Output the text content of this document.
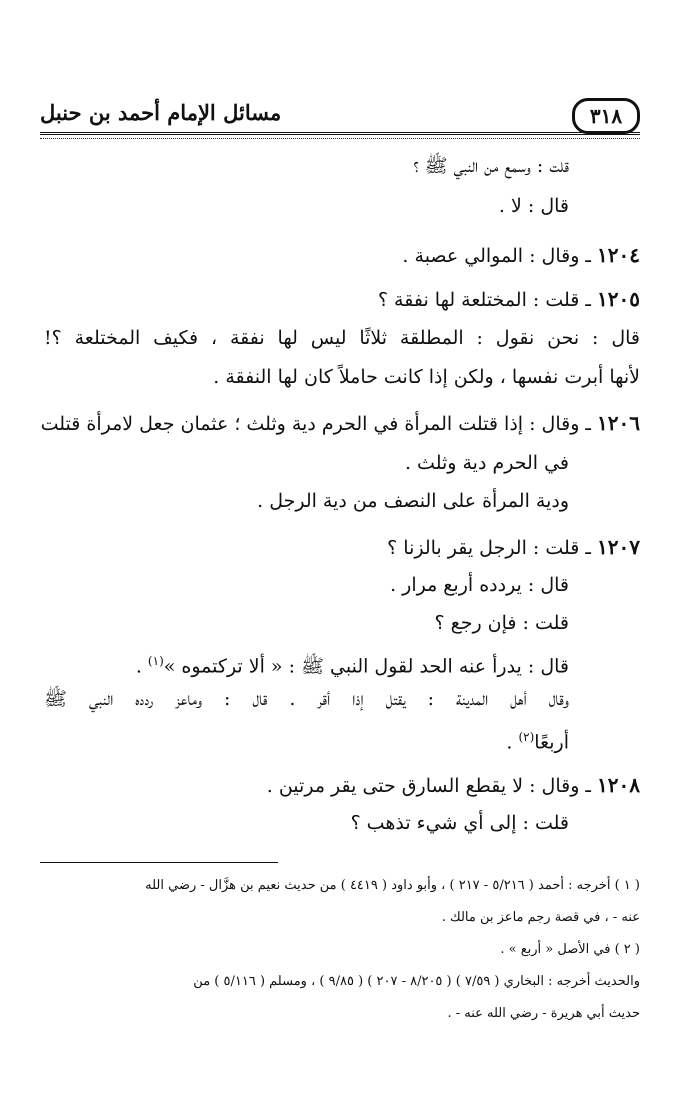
٣١٨
مسائل الإمام أحمد بن حنبل
قلت : وسمع من النبي ﷺ ؟
قال : لا .
١٢٠٤ ـ وقال : الموالي عصبة .
١٢٠٥ ـ قلت : المختلعة لها نفقة ؟
قال : نحن نقول : المطلقة ثلاثًا ليس لها نفقة ، فكيف المختلعة ؟!
لأنها أبرت نفسها ، ولكن إذا كانت حاملاً كان لها النفقة .
١٢٠٦ ـ وقال : إذا قتلت المرأة في الحرم دية وثلث ؛ عثمان جعل لامرأة قتلت
في الحرم دية وثلث .
ودية المرأة على النصف من دية الرجل .
١٢٠٧ ـ قلت : الرجل يقر بالزنا ؟
قال : يردده أربع مرار .
قلت : فإن رجع ؟
قال : يدرأ عنه الحد لقول النبي ﷺ : « ألا تركتموه »$^{(١)}$ .
وقال أهل المدينة : يقتل إذا أقر . قال : وماعز ردده النبي ﷺ
أربعًا$^{(٢)}$ .
١٢٠٨ ـ وقال : لا يقطع السارق حتى يقر مرتين .
قلت : إلى أي شيء تذهب ؟
( ١ ) أخرجه : أحمد ( ٥/٢١٦ - ٢١٧ ) ، وأبو داود ( ٤٤١٩ ) من حديث نعيم بن هزَّال - رضي الله
عنه - ، في قصة رجم ماعز بن مالك .
( ٢ ) في الأصل « أربع » .
والحديث أخرجه : البخاري ( ٧/٥٩ ) ( ٨/٢٠٥ - ٢٠٧ ) ( ٩/٨٥ ) ، ومسلم ( ٥/١١٦ ) من
حديث أبي هريرة - رضي الله عنه - .
